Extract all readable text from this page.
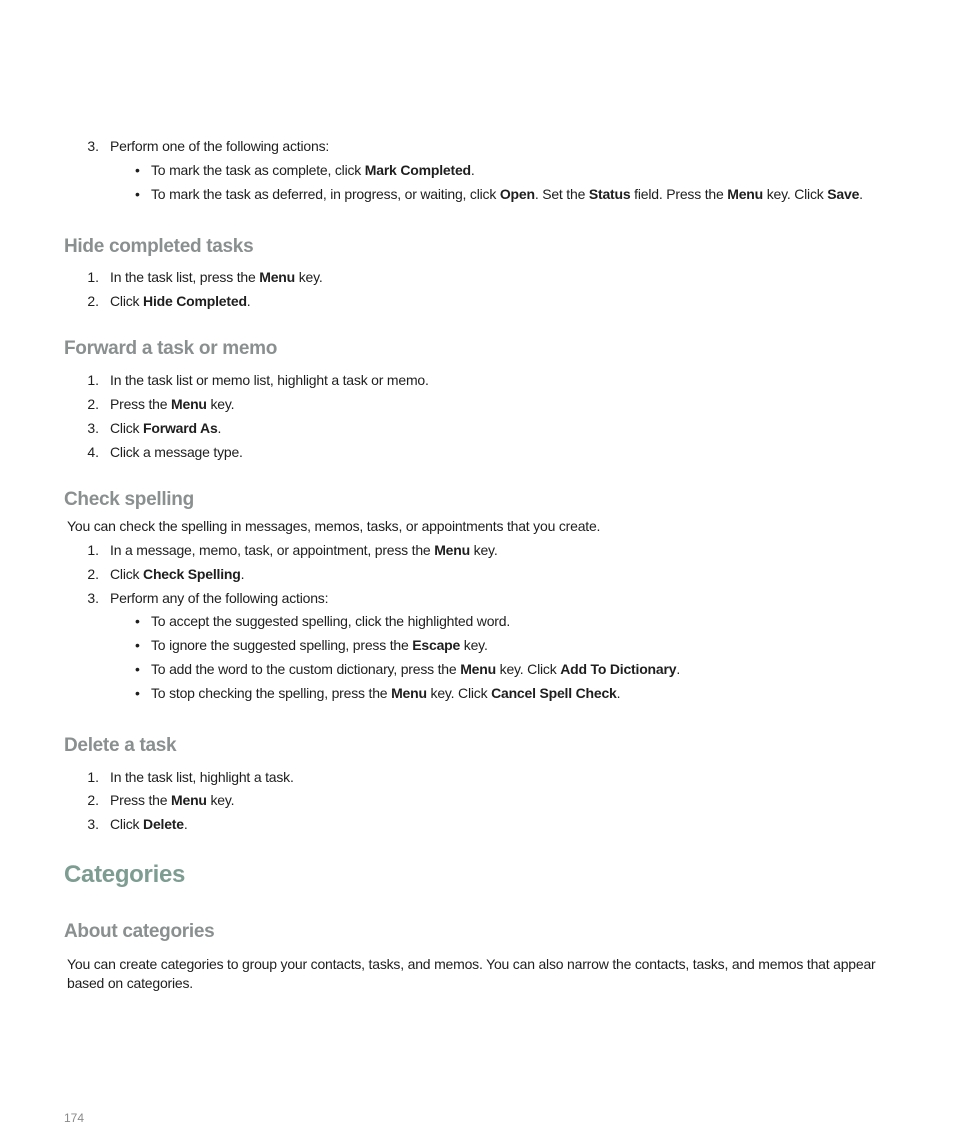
3. Perform one of the following actions:
• To mark the task as complete, click Mark Completed.
• To mark the task as deferred, in progress, or waiting, click Open. Set the Status field. Press the Menu key. Click Save.
Hide completed tasks
1. In the task list, press the Menu key.
2. Click Hide Completed.
Forward a task or memo
1. In the task list or memo list, highlight a task or memo.
2. Press the Menu key.
3. Click Forward As.
4. Click a message type.
Check spelling
You can check the spelling in messages, memos, tasks, or appointments that you create.
1. In a message, memo, task, or appointment, press the Menu key.
2. Click Check Spelling.
3. Perform any of the following actions:
• To accept the suggested spelling, click the highlighted word.
• To ignore the suggested spelling, press the Escape key.
• To add the word to the custom dictionary, press the Menu key. Click Add To Dictionary.
• To stop checking the spelling, press the Menu key. Click Cancel Spell Check.
Delete a task
1. In the task list, highlight a task.
2. Press the Menu key.
3. Click Delete.
Categories
About categories
You can create categories to group your contacts, tasks, and memos. You can also narrow the contacts, tasks, and memos that appear based on categories.
174
